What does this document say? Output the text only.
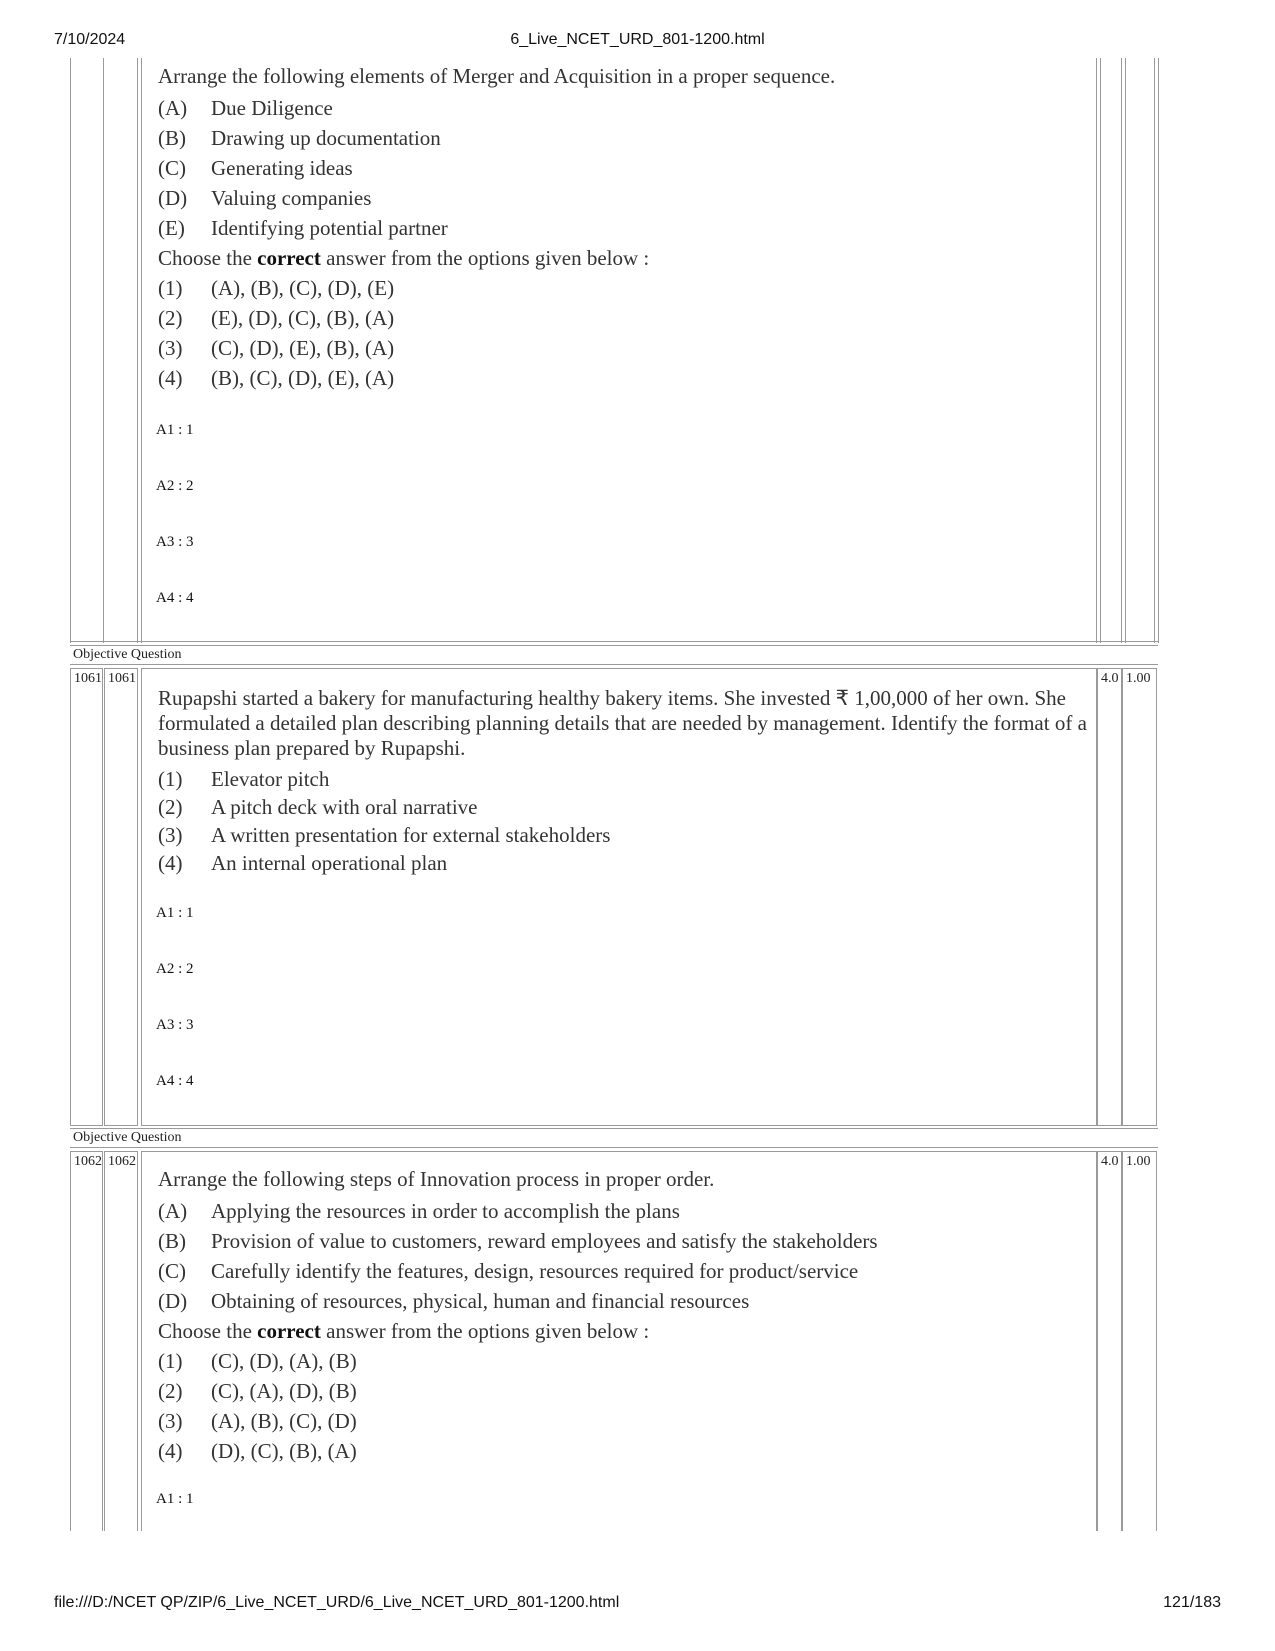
7/10/2024	6_Live_NCET_URD_801-1200.html
file:///D:/NCET QP/ZIP/6_Live_NCET_URD/6_Live_NCET_URD_801-1200.html	121/183
Arrange the following elements of Merger and Acquisition in a proper sequence.
(A)	Due Diligence
(B)	Drawing up documentation
(C)	Generating ideas
(D)	Valuing companies
(E)	Identifying potential partner
Choose the correct answer from the options given below :
(1)	(A), (B), (C), (D), (E)
(2)	(E), (D), (C), (B), (A)
(3)	(C), (D), (E), (B), (A)
(4)	(B), (C), (D), (E), (A)
A1 : 1
A2 : 2
A3 : 3
A4 : 4
Objective Question
1061 1061	4.0 1.00
Rupapshi started a bakery for manufacturing healthy bakery items. She invested ₹ 1,00,000 of her own. She formulated a detailed plan describing planning details that are needed by management. Identify the format of a business plan prepared by Rupapshi.
(1)	Elevator pitch
(2)	A pitch deck with oral narrative
(3)	A written presentation for external stakeholders
(4)	An internal operational plan
A1 : 1
A2 : 2
A3 : 3
A4 : 4
Objective Question
1062 1062	4.0 1.00
Arrange the following steps of Innovation process in proper order.
(A)	Applying the resources in order to accomplish the plans
(B)	Provision of value to customers, reward employees and satisfy the stakeholders
(C)	Carefully identify the features, design, resources required for product/service
(D)	Obtaining of resources, physical, human and financial resources
Choose the correct answer from the options given below :
(1)	(C), (D), (A), (B)
(2)	(C), (A), (D), (B)
(3)	(A), (B), (C), (D)
(4)	(D), (C), (B), (A)
A1 : 1
